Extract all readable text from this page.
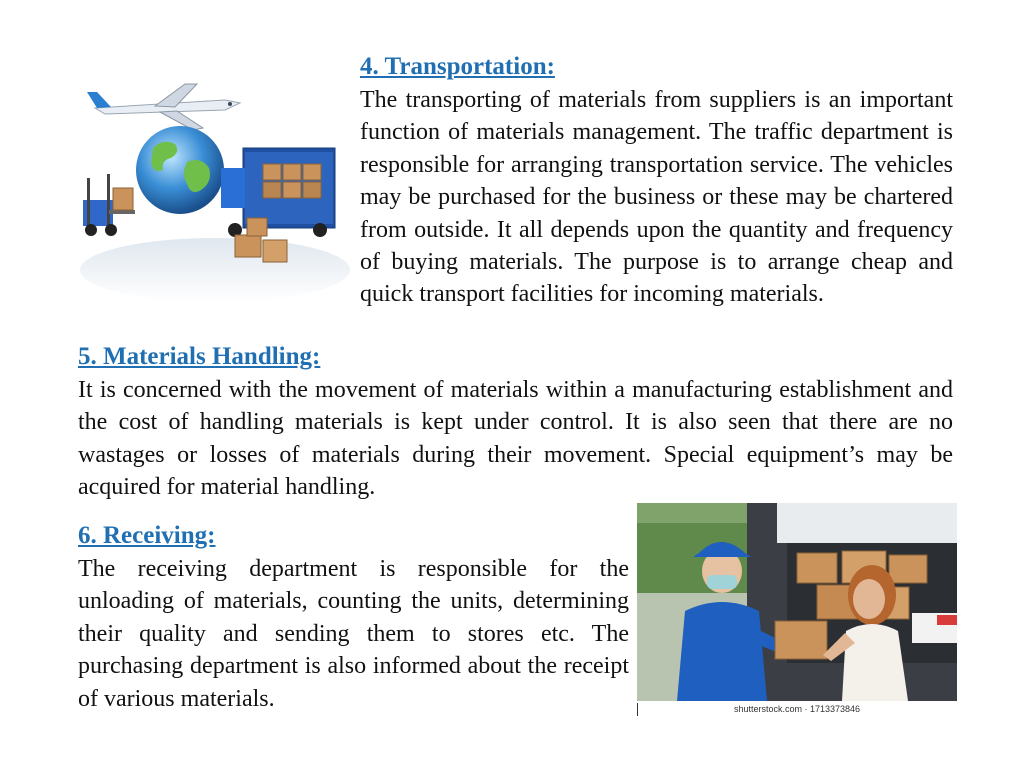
4. Transportation:

The transporting of materials from suppliers is an important function of materials management. The traffic department is responsible for arranging transportation service. The vehicles may be purchased for the business or these may be chartered from outside. It all depends upon the quantity and frequency of buying materials. The purpose is to arrange cheap and quick transport facilities for incoming materials.

5. Materials Handling:

It is concerned with the movement of materials within a manufacturing establishment and the cost of handling materials is kept under control. It is also seen that there are no wastages or losses of materials during their movement. Special equipment’s may be acquired for material handling.

6. Receiving:

The receiving department is responsible for the unloading of materials, counting the units, determining their quality and sending them to stores etc. The purchasing department is also informed about the receipt of various materials.	shutterstock.com · 1713373846
